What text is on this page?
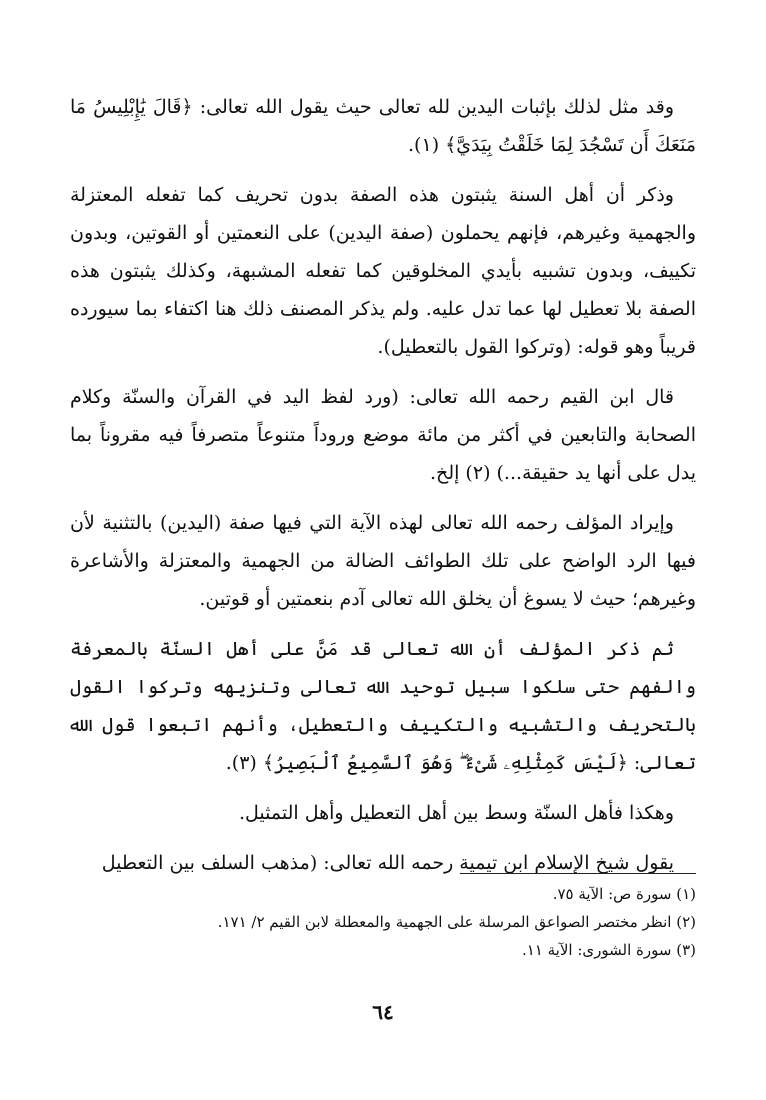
وقد مثل لذلك بإثبات اليدين لله تعالى حيث يقول الله تعالى: ﴿قَالَ يَٰإِبْلِيسُ مَا مَنَعَكَ أَن تَسْجُدَ لِمَا خَلَقْتُ بِيَدَيَّ﴾ (١).

وذكر أن أهل السنة يثبتون هذه الصفة بدون تحريف كما تفعله المعتزلة والجهمية وغيرهم، فإنهم يحملون (صفة اليدين) على النعمتين أو القوتين، وبدون تكييف، وبدون تشبيه بأيدي المخلوقين كما تفعله المشبهة، وكذلك يثبتون هذه الصفة بلا تعطيل لها عما تدل عليه. ولم يذكر المصنف ذلك هنا اكتفاء بما سيورده قريباً وهو قوله: (وتركوا القول بالتعطيل).

قال ابن القيم رحمه الله تعالى: (ورد لفظ اليد في القرآن والسنّة وكلام الصحابة والتابعين في أكثر من مائة موضع وروداً متنوعاً متصرفاً فيه مقروناً بما يدل على أنها يد حقيقة...) (٢) إلخ.

وإيراد المؤلف رحمه الله تعالى لهذه الآية التي فيها صفة (اليدين) بالتثنية لأن فيها الرد الواضح على تلك الطوائف الضالة من الجهمية والمعتزلة والأشاعرة وغيرهم؛ حيث لا يسوغ أن يخلق الله تعالى آدم بنعمتين أو قوتين.

ثم ذكر المؤلف أن الله تعالى قد مَنَّ على أهل السنّة بالمعرفة والفهم حتى سلكوا سبيل توحيد الله تعالى وتنزيهه وتركوا القول بالتحريف والتشبيه والتكييف والتعطيل، وأنهم اتبعوا قول الله تعالى: ﴿لَيْسَ كَمِثْلِهِۦ شَىْءٌ ۖ وَهُوَ ٱلسَّمِيعُ ٱلْبَصِيرُ﴾ (٣).

وهكذا فأهل السنّة وسط بين أهل التعطيل وأهل التمثيل.

يقول شيخ الإسلام ابن تيمية رحمه الله تعالى: (مذهب السلف بين التعطيل

(١) سورة ص: الآية ٧٥.
(٢) انظر مختصر الصواعق المرسلة على الجهمية والمعطلة لابن القيم ٢/ ١٧١.
(٣) سورة الشورى: الآية ١١.
٦٤
